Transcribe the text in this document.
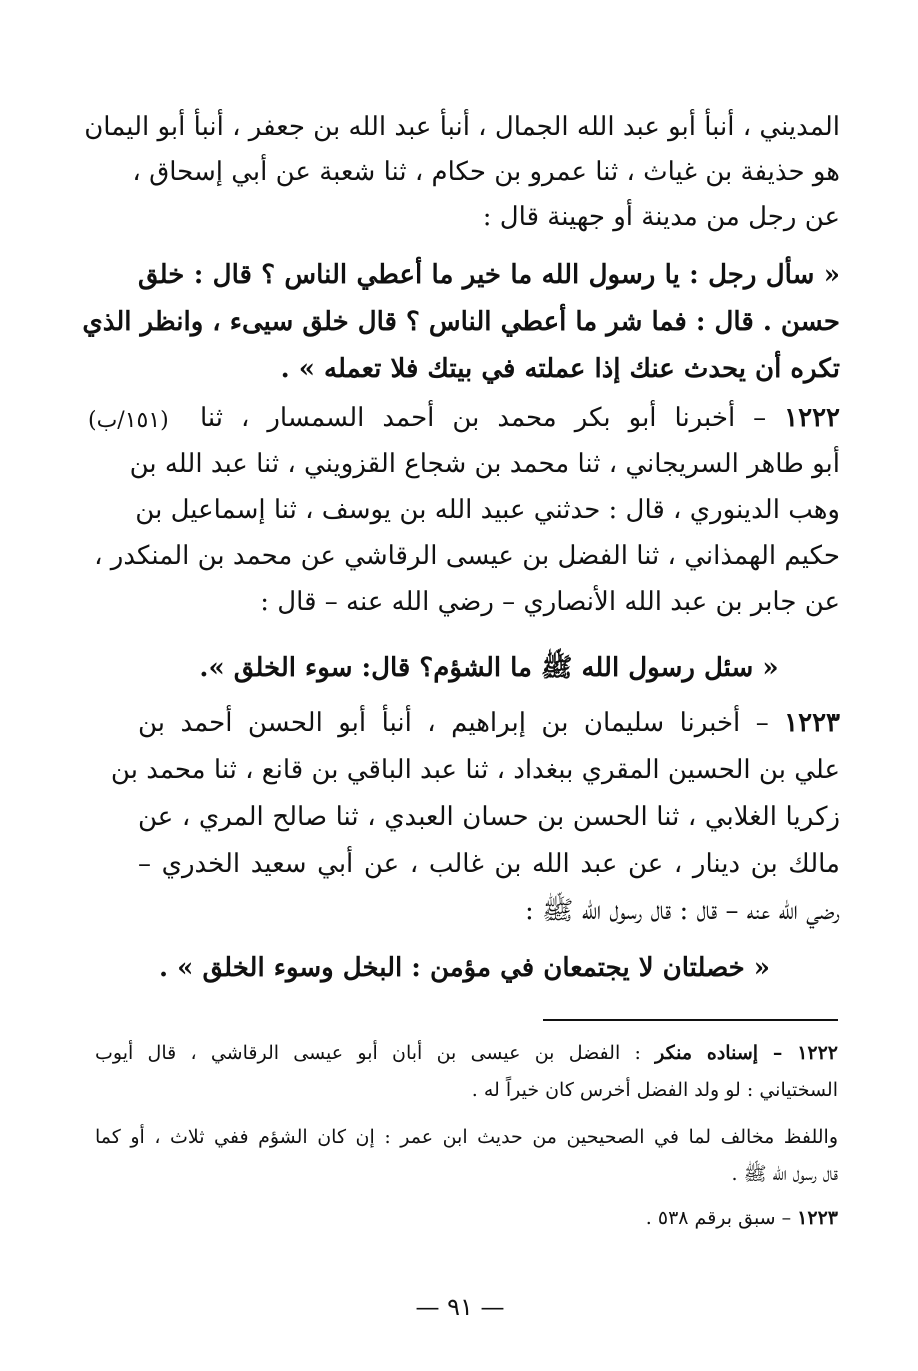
المديني ، أنبأ أبو عبد الله الجمال ، أنبأ عبد الله بن جعفر ، أنبأ أبو اليمان
هو حذيفة بن غياث ، ثنا عمرو بن حكام ، ثنا شعبة عن أبي إسحاق ،
عن رجل من مدينة أو جهينة قال :
« سأل رجل : يا رسول الله ما خير ما أعطي الناس ؟ قال : خلق
حسن . قال : فما شر ما أعطي الناس ؟ قال خلق سيىء ، وانظر الذي
تكره أن يحدث عنك إذا عملته في بيتك فلا تعمله » .
١٢٢٢ – أخبرنا أبو بكر محمد بن أحمد السمسار ، ثنا
(١٥١/ب)
أبو طاهر السريجاني ، ثنا محمد بن شجاع القزويني ، ثنا عبد الله بن
وهب الدينوري ، قال : حدثني عبيد الله بن يوسف ، ثنا إسماعيل بن
حكيم الهمذاني ، ثنا الفضل بن عيسى الرقاشي عن محمد بن المنكدر ،
عن جابر بن عبد الله الأنصاري – رضي الله عنه – قال :
« سئل رسول الله ﷺ ما الشؤم؟ قال: سوء الخلق ».
١٢٢٣ – أخبرنا سليمان بن إبراهيم ، أنبأ أبو الحسن أحمد بن
علي بن الحسين المقري ببغداد ، ثنا عبد الباقي بن قانع ، ثنا محمد بن
زكريا الغلابي ، ثنا الحسن بن حسان العبدي ، ثنا صالح المري ، عن
مالك بن دينار ، عن عبد الله بن غالب ، عن أبي سعيد الخدري –
رضي الله عنه – قال : قال رسول الله ﷺ :
« خصلتان لا يجتمعان في مؤمن : البخل وسوء الخلق » .
١٢٢٢ – إسناده منكر : الفضل بن عيسى بن أبان أبو عيسى الرقاشي ، قال أيوب
السختياني : لو ولد الفضل أخرس كان خيراً له .
واللفظ مخالف لما في الصحيحين من حديث ابن عمر : إن كان الشؤم ففي ثلاث ، أو كما
قال رسول الله ﷺ .
١٢٢٣ – سبق برقم ٥٣٨ .
— ٩١ —
